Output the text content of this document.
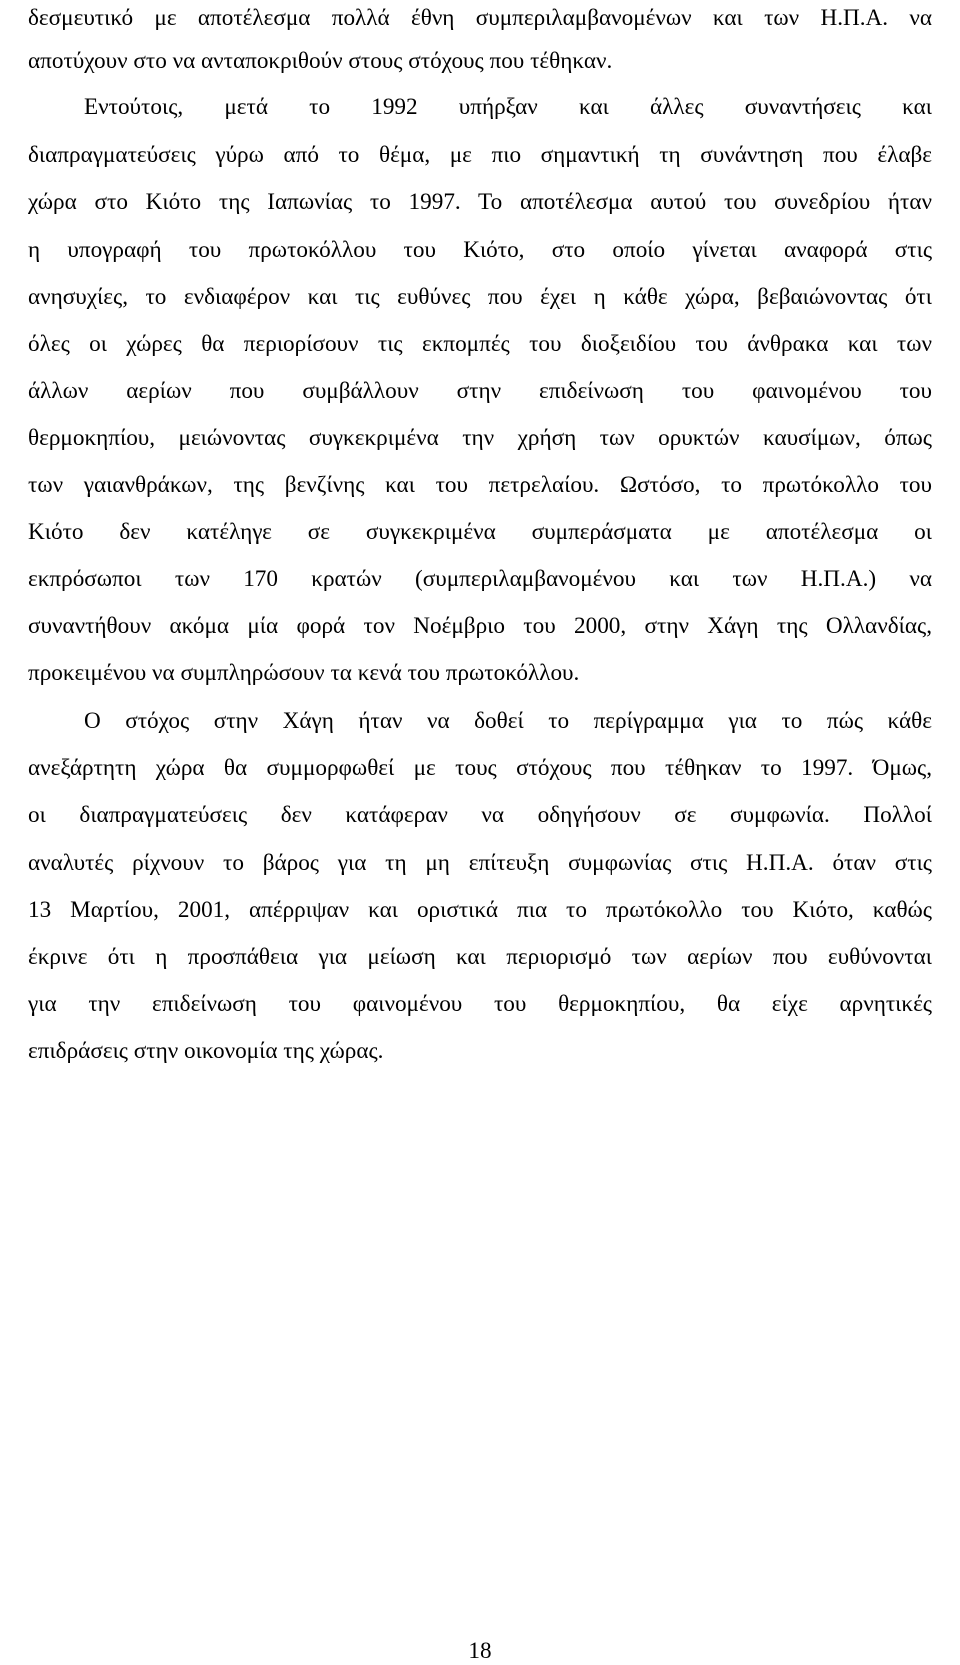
δεσμευτικό με αποτέλεσμα πολλά έθνη συμπεριλαμβανομένων και των Η.Π.Α. να
αποτύχουν στο να ανταποκριθούν στους στόχους που τέθηκαν.
Εντούτοις, μετά το 1992 υπήρξαν και άλλες συναντήσεις και
διαπραγματεύσεις γύρω από το θέμα, με πιο σημαντική τη συνάντηση που έλαβε
χώρα στο Κιότο της Ιαπωνίας το 1997. Το αποτέλεσμα αυτού του συνεδρίου ήταν
η υπογραφή του πρωτοκόλλου του Κιότο, στο οποίο γίνεται αναφορά στις
ανησυχίες, το ενδιαφέρον και τις ευθύνες που έχει η κάθε χώρα, βεβαιώνοντας ότι
όλες οι χώρες θα περιορίσουν τις εκπομπές του διοξειδίου του άνθρακα και των
άλλων αερίων που συμβάλλουν στην επιδείνωση του φαινομένου του
θερμοκηπίου, μειώνοντας συγκεκριμένα την χρήση των ορυκτών καυσίμων, όπως
των γαιανθράκων, της βενζίνης και του πετρελαίου. Ωστόσο, το πρωτόκολλο του
Κιότο δεν κατέληγε σε συγκεκριμένα συμπεράσματα με αποτέλεσμα οι
εκπρόσωποι των 170 κρατών (συμπεριλαμβανομένου και των Η.Π.Α.) να
συναντήθουν ακόμα μία φορά τον Νοέμβριο του 2000, στην Χάγη της Ολλανδίας,
προκειμένου να συμπληρώσουν τα κενά του πρωτοκόλλου.
Ο στόχος στην Χάγη ήταν να δοθεί το περίγραμμα για το πώς κάθε
ανεξάρτητη χώρα θα συμμορφωθεί με τους στόχους που τέθηκαν το 1997. Όμως,
οι διαπραγματεύσεις δεν κατάφεραν να οδηγήσουν σε συμφωνία. Πολλοί
αναλυτές ρίχνουν το βάρος για τη μη επίτευξη συμφωνίας στις Η.Π.Α. όταν στις
13 Μαρτίου, 2001, απέρριψαν και οριστικά πια το πρωτόκολλο του Κιότο, καθώς
έκρινε ότι η προσπάθεια για μείωση και περιορισμό των αερίων που ευθύνονται
για την επιδείνωση του φαινομένου του θερμοκηπίου, θα είχε αρνητικές
επιδράσεις στην οικονομία της χώρας.
18
